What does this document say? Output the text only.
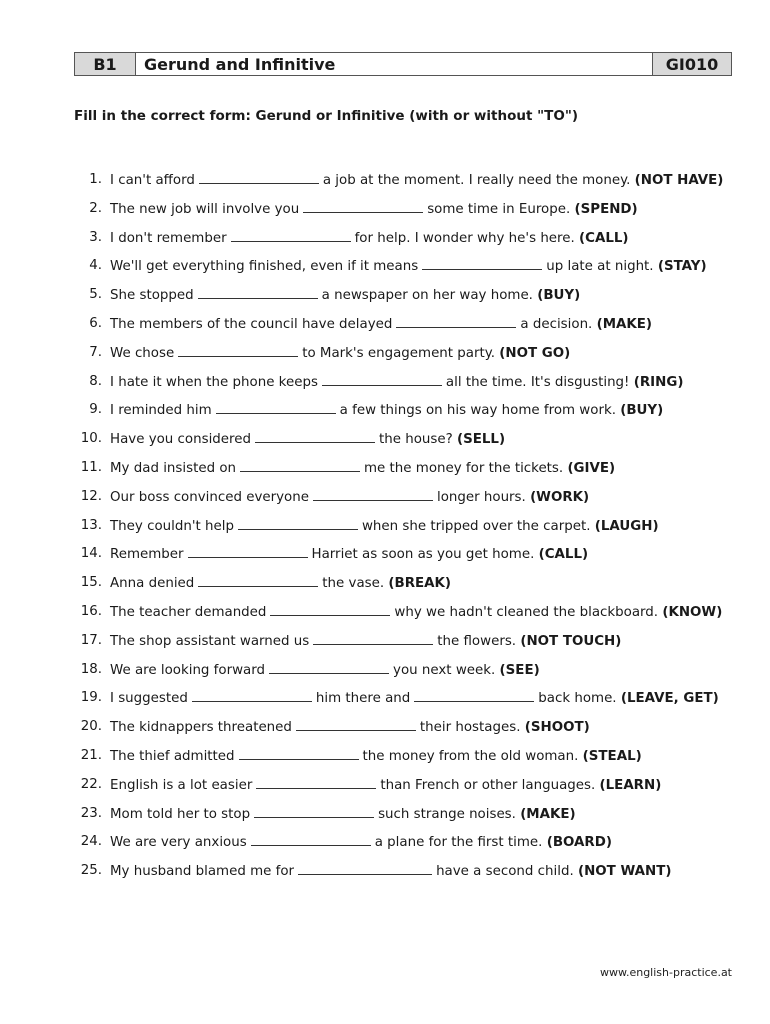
B1	Gerund and Infinitive	GI010
Fill in the correct form: Gerund or Infinitive (with or without "TO")
1. I can't afford	a job at the moment. I really need the money. (NOT HAVE)
2. The new job will involve you	some time in Europe. (SPEND)
3. I don't remember	for help. I wonder why he's here. (CALL)
4. We'll get everything finished, even if it means	up late at night. (STAY)
5. She stopped	a newspaper on her way home. (BUY)
6. The members of the council have delayed	a decision. (MAKE)
7. We chose	to Mark's engagement party. (NOT GO)
8. I hate it when the phone keeps	all the time. It's disgusting! (RING)
9. I reminded him	a few things on his way home from work. (BUY)
10. Have you considered	the house? (SELL)
11. My dad insisted on	me the money for the tickets. (GIVE)
12. Our boss convinced everyone	longer hours. (WORK)
13. They couldn't help	when she tripped over the carpet. (LAUGH)
14. Remember	Harriet as soon as you get home. (CALL)
15. Anna denied	the vase. (BREAK)
16. The teacher demanded	why we hadn't cleaned the blackboard. (KNOW)
17. The shop assistant warned us	the flowers. (NOT TOUCH)
18. We are looking forward	you next week. (SEE)
19. I suggested	him there and	back home. (LEAVE, GET)
20. The kidnappers threatened	their hostages. (SHOOT)
21. The thief admitted	the money from the old woman. (STEAL)
22. English is a lot easier	than French or other languages. (LEARN)
23. Mom told her to stop	such strange noises. (MAKE)
24. We are very anxious	a plane for the first time. (BOARD)
25. My husband blamed me for	have a second child. (NOT WANT)
www.english-practice.at
